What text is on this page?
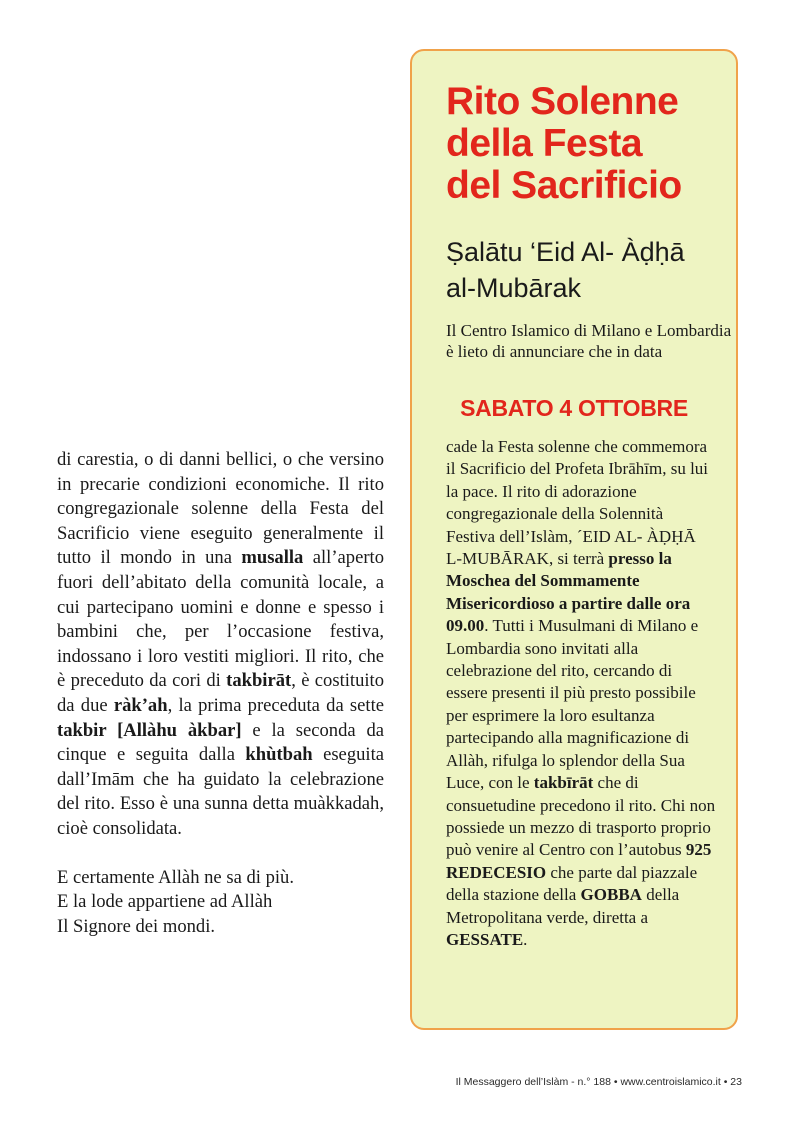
di carestia, o di danni bellici, o che versino in precarie condizioni economiche. Il rito congregazionale solenne della Festa del Sacrificio viene eseguito generalmente il tutto il mondo in una musalla all’aperto fuori dell’abitato della comunità locale, a cui partecipano uomini e donne e spesso i bambini che, per l’occasione festiva, indossano i loro vestiti migliori. Il rito, che è preceduto da cori di takbirāt, è costituito da due ràk’ah, la prima preceduta da sette takbir [Allàhu àkbar] e la seconda da cinque e seguita dalla khùtbah eseguita dall’Imām che ha guidato la celebrazione del rito. Esso è una sunna detta muàkkadah, cioè consolidata.

E certamente Allàh ne sa di più.
E la lode appartiene ad Allàh
Il Signore dei mondi.
Rito Solenne
della Festa
del Sacrificio
Ṣalātu ‘Eid Al- Àḍḥā
al-Mubārak
Il Centro Islamico di Milano e Lombardia è lieto di annunciare che in data
SABATO 4 OTTOBRE
cade la Festa solenne che commemora il Sacrificio del Profeta Ibrāhīm, su lui la pace. Il rito di adorazione congregazionale della Solennità Festiva dell’Islàm, ´EID AL- ÀḌḤĀ L-MUBĀRAK, si terrà presso la Moschea del Sommamente Misericordioso a partire dalle ora 09.00. Tutti i Musulmani di Milano e Lombardia sono invitati alla celebrazione del rito, cercando di essere presenti il più presto possibile per esprimere la loro esultanza partecipando alla magnificazione di Allàh, rifulga lo splendor della Sua Luce, con le takbīrāt che di consuetudine precedono il rito. Chi non possiede un mezzo di trasporto proprio può venire al Centro con l’autobus 925 REDECESIO che parte dal piazzale della stazione della GOBBA della Metropolitana verde, diretta a GESSATE.
Il Messaggero dell’Islàm - n.° 188 • www.centroislamico.it • 23
